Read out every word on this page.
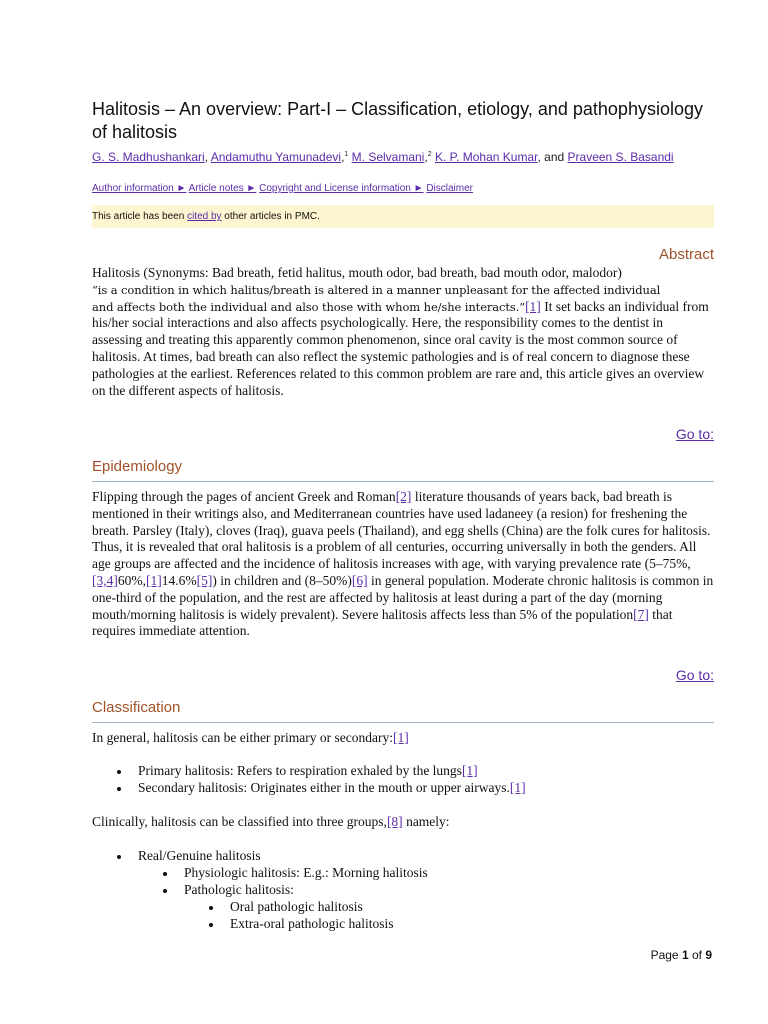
Halitosis – An overview: Part-I – Classification, etiology, and pathophysiology of halitosis
G. S. Madhushankari, Andamuthu Yamunadevi,$^1$ M. Selvamani,$^2$ K. P. Mohan Kumar, and Praveen S. Basandi
Author information ► Article notes ► Copyright and License information ► Disclaimer
This article has been cited by other articles in PMC.
Abstract

Halitosis (Synonyms: Bad breath, fetid halitus, mouth odor, bad breath, bad mouth odor, malodor)
“is a condition in which halitus/breath is altered in a manner unpleasant for the affected individual
and affects both the individual and also those with whom he/she interacts.”[1] It set backs an individual from his/her social interactions and also affects psychologically. Here, the responsibility comes to the dentist in assessing and treating this apparently common phenomenon, since oral cavity is the most common source of halitosis. At times, bad breath can also reflect the systemic pathologies and is of real concern to diagnose these pathologies at the earliest. References related to this common problem are rare and, this article gives an overview on the different aspects of halitosis.

Go to:
Epidemiology

Flipping through the pages of ancient Greek and Roman[2] literature thousands of years back, bad breath is mentioned in their writings also, and Mediterranean countries have used ladaneey (a resion) for freshening the breath. Parsley (Italy), cloves (Iraq), guava peels (Thailand), and egg shells (China) are the folk cures for halitosis. Thus, it is revealed that oral halitosis is a problem of all centuries, occurring universally in both the genders. All age groups are affected and the incidence of halitosis increases with age, with varying prevalence rate (5–75%,[3,4]60%,[1]14.6%[5]) in children and (8–50%)[6] in general population. Moderate chronic halitosis is common in one-third of the population, and the rest are affected by halitosis at least during a part of the day (morning mouth/morning halitosis is widely prevalent). Severe halitosis affects less than 5% of the population[7] that requires immediate attention.

Go to:
Classification

In general, halitosis can be either primary or secondary:[1]

Primary halitosis: Refers to respiration exhaled by the lungs[1]
Secondary halitosis: Originates either in the mouth or upper airways.[1]

Clinically, halitosis can be classified into three groups,[8] namely:

Real/Genuine halitosis
Physiologic halitosis: E.g.: Morning halitosis
Pathologic halitosis:
Oral pathologic halitosis
Extra-oral pathologic halitosis
Page 1 of 9
